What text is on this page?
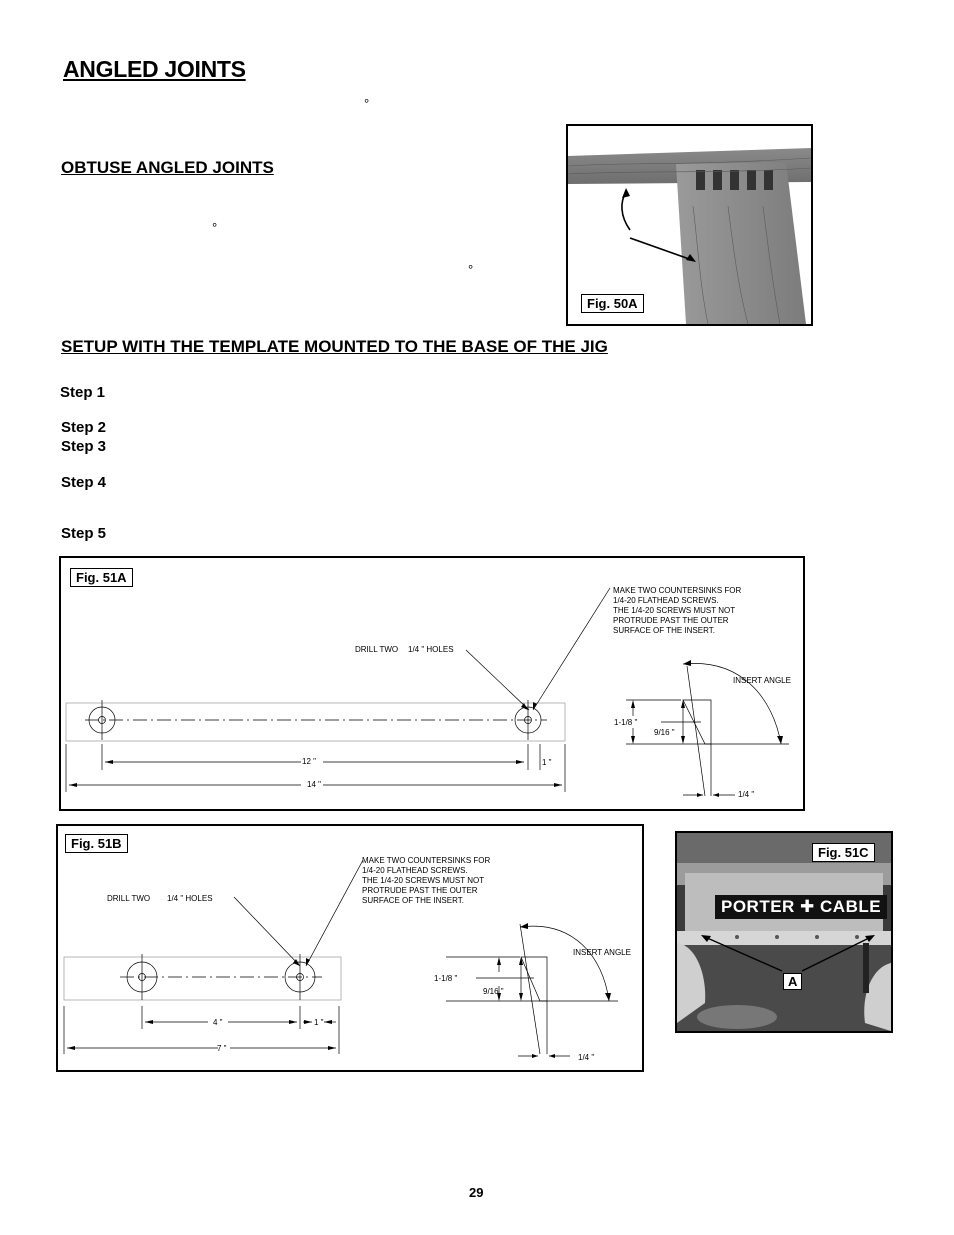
ANGLED JOINTS
°
OBTUSE ANGLED JOINTS
°
°
Fig. 50A
SETUP WITH THE TEMPLATE MOUNTED TO THE BASE OF THE JIG
Step 1
Step 2
Step 3
Step 4
Step 5
Fig. 51A
MAKE TWO COUNTERSINKS FOR
1/4-20 FLATHEAD SCREWS.
THE 1/4-20 SCREWS MUST NOT
PROTRUDE PAST THE OUTER
SURFACE OF THE INSERT.
DRILL TWO 1/4 " HOLES
INSERT ANGLE
1-1/8 "
9/16 "
12 "	1 "
14 "
1/4 "
Fig. 51B
MAKE TWO COUNTERSINKS FOR
1/4-20 FLATHEAD SCREWS.
THE 1/4-20 SCREWS MUST NOT
PROTRUDE PAST THE OUTER
SURFACE OF THE INSERT.
DRILL TWO 1/4 " HOLES
INSERT ANGLE
1-1/8 "
9/16 "
4 "	1 "
7 "
1/4 "
PORTER ✚ CABLE
Fig. 51C
A
29
